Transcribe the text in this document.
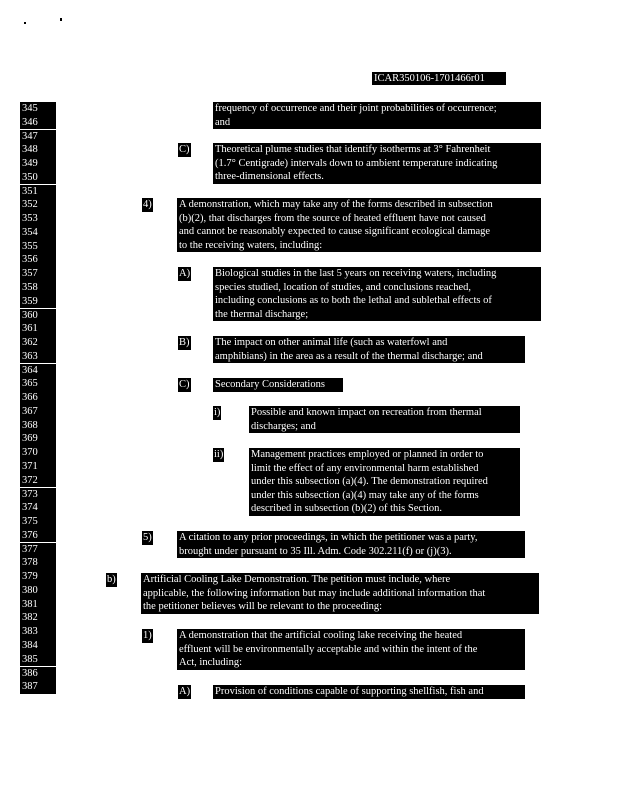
ICAR350106-1701466r01
345
346
347
348
349
350
351
352
353
354
355
356
357
358
359
360
361
362
363
364
365
366
367
368
369
370
371
372
373
374
375
376
377
378
379
380
381
382
383
384
385
386
387
frequency of occurrence and their joint probabilities of occurrence;
and
C) Theoretical plume studies that identify isotherms at 3° Fahrenheit
(1.7° Centigrade) intervals down to ambient temperature indicating
three-dimensional effects.
4)	A demonstration, which may take any of the forms described in subsection
(b)(2), that discharges from the source of heated effluent have not caused
and cannot be reasonably expected to cause significant ecological damage
to the receiving waters, including:
A) Biological studies in the last 5 years on receiving waters, including
species studied, location of studies, and conclusions reached,
including conclusions as to both the lethal and sublethal effects of
the thermal discharge;
B) The impact on other animal life (such as waterfowl and
amphibians) in the area as a result of the thermal discharge; and
C) Secondary Considerations
i)	Possible and known impact on recreation from thermal
discharges; and
ii)	Management practices employed or planned in order to
limit the effect of any environmental harm established
under this subsection (a)(4). The demonstration required
under this subsection (a)(4) may take any of the forms
described in subsection (b)(2) of this Section.
5)	A citation to any prior proceedings, in which the petitioner was a party,
brought under pursuant to 35 Ill. Adm. Code 302.211(f) or (j)(3).
b)	Artificial Cooling Lake Demonstration. The petition must include, where
applicable, the following information but may include additional information that
the petitioner believes will be relevant to the proceeding:
1)	A demonstration that the artificial cooling lake receiving the heated
effluent will be environmentally acceptable and within the intent of the
Act, including:
A) Provision of conditions capable of supporting shellfish, fish and
